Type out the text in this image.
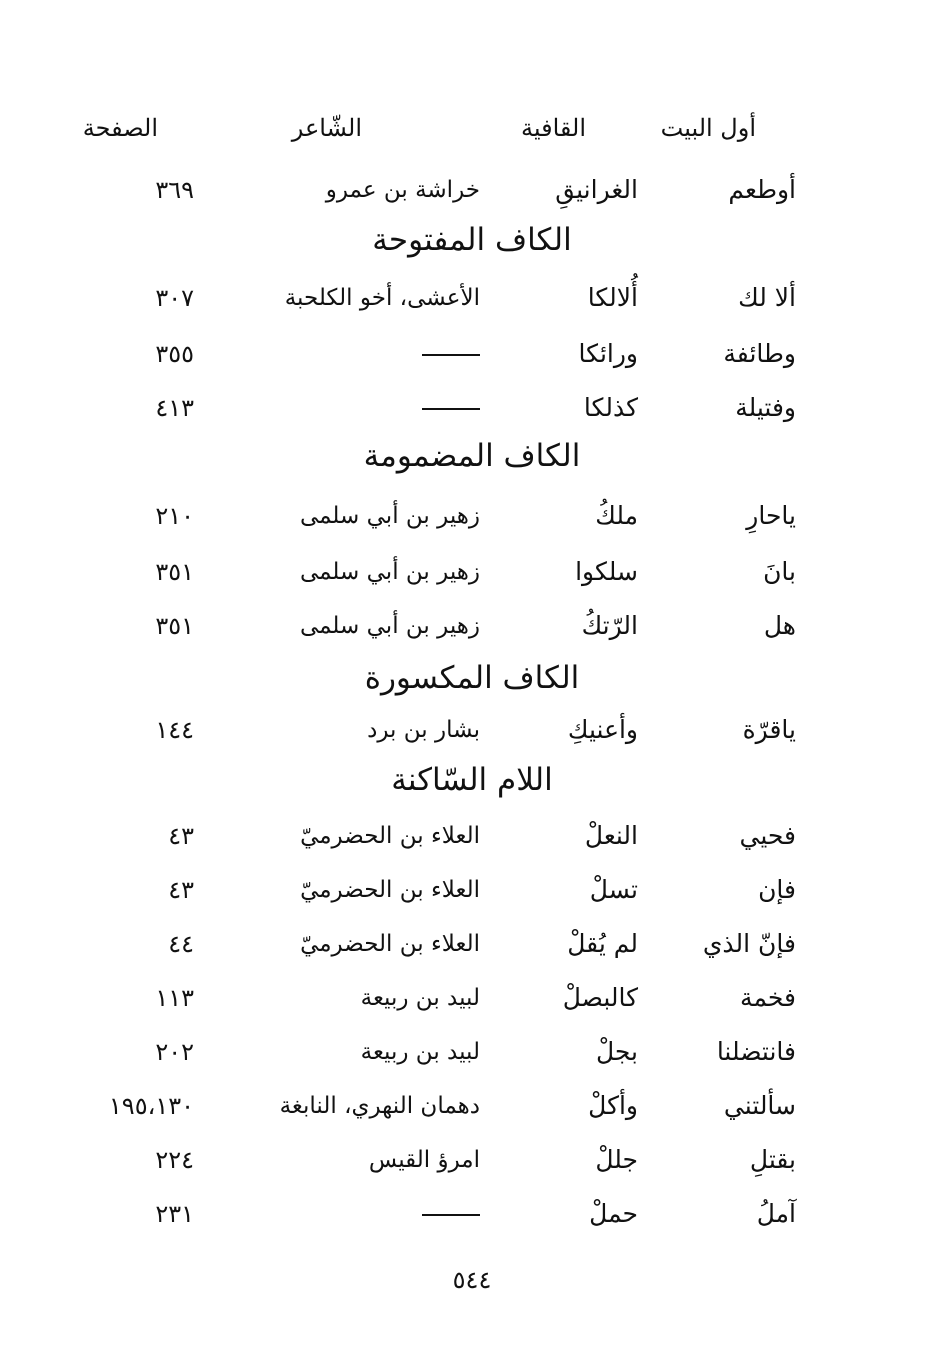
أول البيت
القافية
الشّاعر
الصفحة
أوطعم
الغرانيقِ
خراشة بن عمرو
٣٦٩
الكاف المفتوحة
ألا لك
أُلالكا
الأعشى، أخو الكلحبة
٣٠٧
وطائفة
ورائكا
٣٥٥
وفتيلة
كذلكا
٤١٣
الكاف المضمومة
ياحارِ
ملكُ
زهير بن أبي سلمى
٢١٠
بانَ
سلكوا
زهير بن أبي سلمى
٣٥١
هل
الرّتكُ
زهير بن أبي سلمى
٣٥١
الكاف المكسورة
ياقرّة
وأعنيكِ
بشار بن برد
١٤٤
اللام السّاكنة
فحيي
النعلْ
العلاء بن الحضرميّ
٤٣
فإن
تسلْ
العلاء بن الحضرميّ
٤٣
فإنّ الذي
لم يُقلْ
العلاء بن الحضرميّ
٤٤
فخمة
كالبصلْ
لبيد بن ربيعة
١١٣
فانتضلنا
بجلْ
لبيد بن ربيعة
٢٠٢
سألتني
وأكلْ
دهمان النهري، النابغة
١٩٥،١٣٠
بقتلِ
جللْ
امرؤ القيس
٢٢٤
آملُ
حملْ
٢٣١
٥٤٤
